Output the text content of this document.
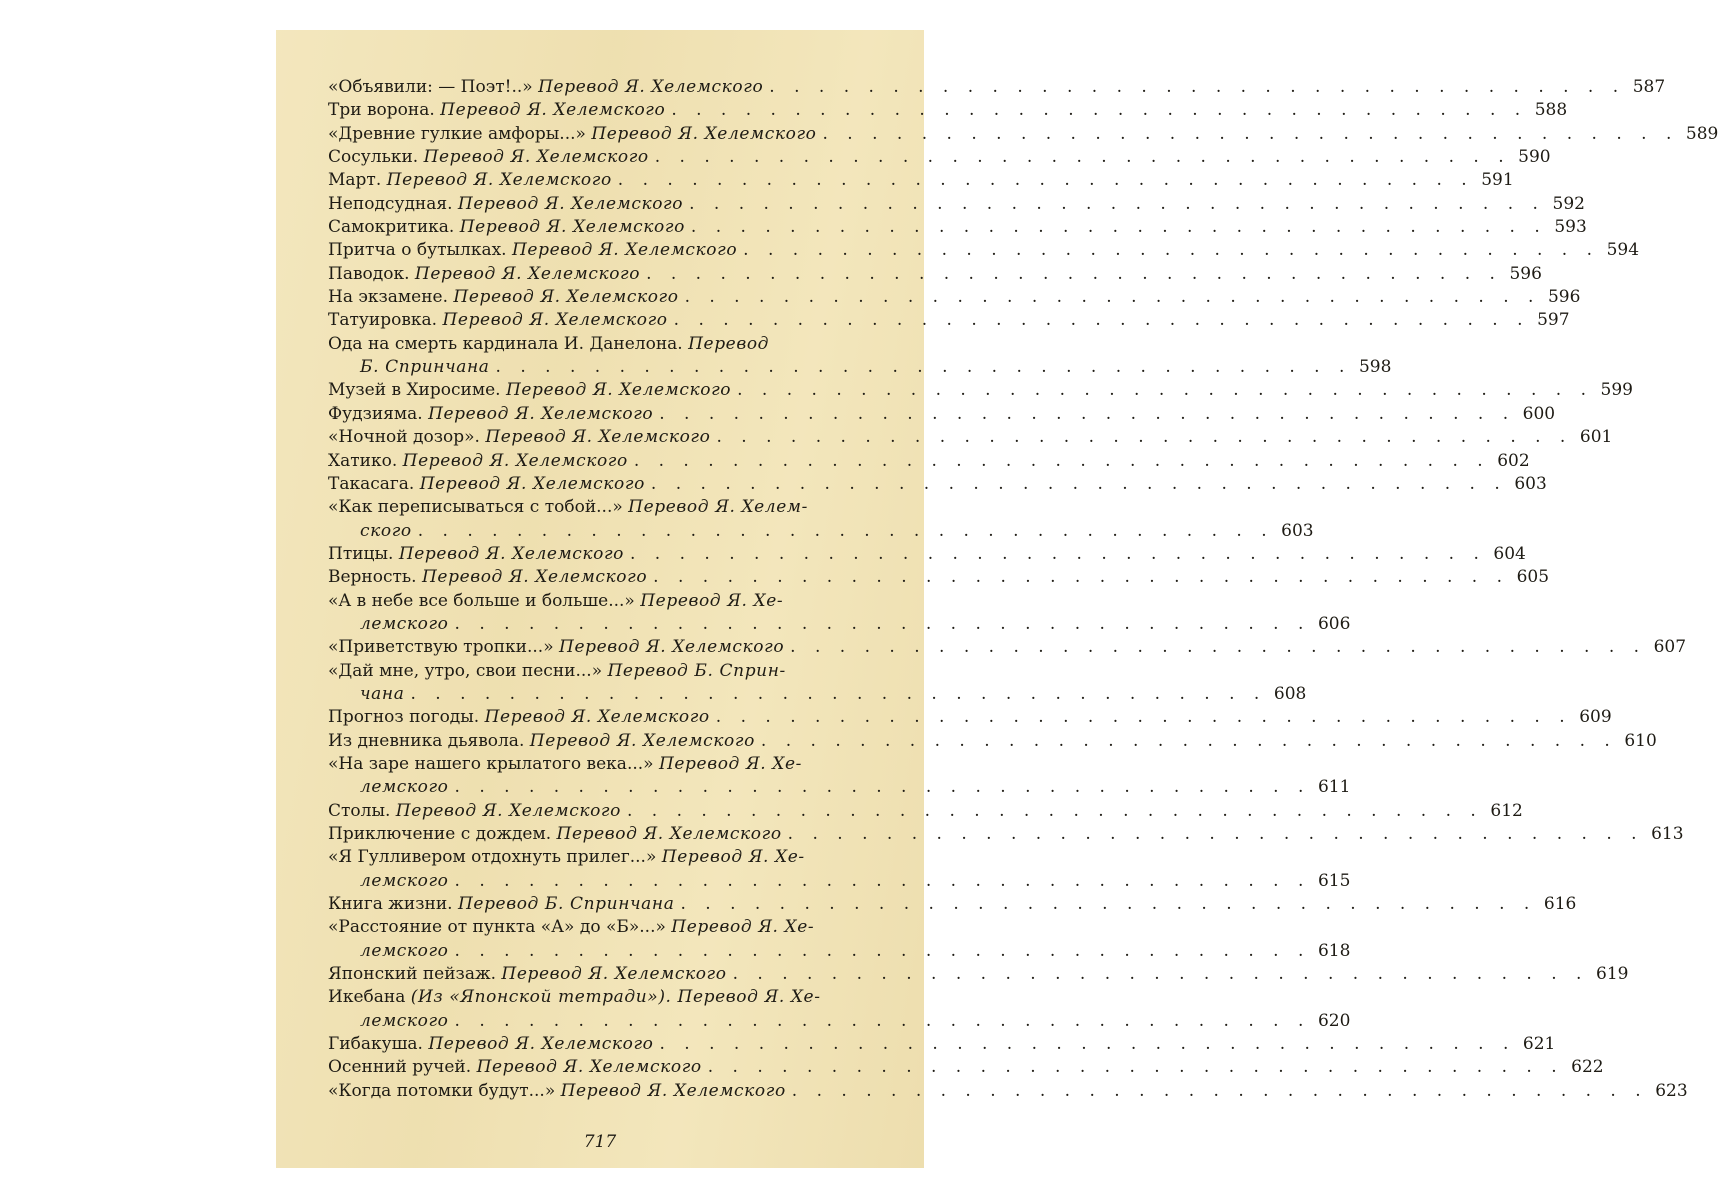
«Объявили: — Поэт!..» Перевод Я. Хелемского . . . . . . . . . . . . . . . . . . . . . . . . . . . . . . . . . . . 587
Три ворона. Перевод Я. Хелемского . . . . . . . . . . . . . . . . . . . . . . . . . . . . . . . . . . . 588
«Древние гулкие амфоры...» Перевод Я. Хелемского . . . . . . . . . . . . . . . . . . . . . . . . . . . . . . . . . . . 589
Сосульки. Перевод Я. Хелемского . . . . . . . . . . . . . . . . . . . . . . . . . . . . . . . . . . . 590
Март. Перевод Я. Хелемского . . . . . . . . . . . . . . . . . . . . . . . . . . . . . . . . . . . 591
Неподсудная. Перевод Я. Хелемского . . . . . . . . . . . . . . . . . . . . . . . . . . . . . . . . . . . 592
Самокритика. Перевод Я. Хелемского . . . . . . . . . . . . . . . . . . . . . . . . . . . . . . . . . . . 593
Притча о бутылках. Перевод Я. Хелемского . . . . . . . . . . . . . . . . . . . . . . . . . . . . . . . . . . . 594
Паводок. Перевод Я. Хелемского . . . . . . . . . . . . . . . . . . . . . . . . . . . . . . . . . . . 596
На экзамене. Перевод Я. Хелемского . . . . . . . . . . . . . . . . . . . . . . . . . . . . . . . . . . . 596
Татуировка. Перевод Я. Хелемского . . . . . . . . . . . . . . . . . . . . . . . . . . . . . . . . . . . 597
Ода на смерть кардинала И. Данелона. Перевод
Б. Спринчана . . . . . . . . . . . . . . . . . . . . . . . . . . . . . . . . . . . 598
Музей в Хиросиме. Перевод Я. Хелемского . . . . . . . . . . . . . . . . . . . . . . . . . . . . . . . . . . . 599
Фудзияма. Перевод Я. Хелемского . . . . . . . . . . . . . . . . . . . . . . . . . . . . . . . . . . . 600
«Ночной дозор». Перевод Я. Хелемского . . . . . . . . . . . . . . . . . . . . . . . . . . . . . . . . . . . 601
Хатико. Перевод Я. Хелемского . . . . . . . . . . . . . . . . . . . . . . . . . . . . . . . . . . . 602
Такасага. Перевод Я. Хелемского . . . . . . . . . . . . . . . . . . . . . . . . . . . . . . . . . . . 603
«Как переписываться с тобой...» Перевод Я. Хелем-
ского . . . . . . . . . . . . . . . . . . . . . . . . . . . . . . . . . . . 603
Птицы. Перевод Я. Хелемского . . . . . . . . . . . . . . . . . . . . . . . . . . . . . . . . . . . 604
Верность. Перевод Я. Хелемского . . . . . . . . . . . . . . . . . . . . . . . . . . . . . . . . . . . 605
«А в небе все больше и больше...» Перевод Я. Хе-
лемского . . . . . . . . . . . . . . . . . . . . . . . . . . . . . . . . . . . 606
«Приветствую тропки...» Перевод Я. Хелемского . . . . . . . . . . . . . . . . . . . . . . . . . . . . . . . . . . . 607
«Дай мне, утро, свои песни...» Перевод Б. Сприн-
чана . . . . . . . . . . . . . . . . . . . . . . . . . . . . . . . . . . . 608
Прогноз погоды. Перевод Я. Хелемского . . . . . . . . . . . . . . . . . . . . . . . . . . . . . . . . . . . 609
Из дневника дьявола. Перевод Я. Хелемского . . . . . . . . . . . . . . . . . . . . . . . . . . . . . . . . . . . 610
«На заре нашего крылатого века...» Перевод Я. Хе-
лемского . . . . . . . . . . . . . . . . . . . . . . . . . . . . . . . . . . . 611
Столы. Перевод Я. Хелемского . . . . . . . . . . . . . . . . . . . . . . . . . . . . . . . . . . . 612
Приключение с дождем. Перевод Я. Хелемского . . . . . . . . . . . . . . . . . . . . . . . . . . . . . . . . . . . 613
«Я Гулливером отдохнуть прилег...» Перевод Я. Хе-
лемского . . . . . . . . . . . . . . . . . . . . . . . . . . . . . . . . . . . 615
Книга жизни. Перевод Б. Спринчана . . . . . . . . . . . . . . . . . . . . . . . . . . . . . . . . . . . 616
«Расстояние от пункта «А» до «Б»...» Перевод Я. Хе-
лемского . . . . . . . . . . . . . . . . . . . . . . . . . . . . . . . . . . . 618
Японский пейзаж. Перевод Я. Хелемского . . . . . . . . . . . . . . . . . . . . . . . . . . . . . . . . . . . 619
Икебана (Из «Японской тетради»). Перевод Я. Хе-
лемского . . . . . . . . . . . . . . . . . . . . . . . . . . . . . . . . . . . 620
Гибакуша. Перевод Я. Хелемского . . . . . . . . . . . . . . . . . . . . . . . . . . . . . . . . . . . 621
Осенний ручей. Перевод Я. Хелемского . . . . . . . . . . . . . . . . . . . . . . . . . . . . . . . . . . . 622
«Когда потомки будут...» Перевод Я. Хелемского . . . . . . . . . . . . . . . . . . . . . . . . . . . . . . . . . . . 623
717
